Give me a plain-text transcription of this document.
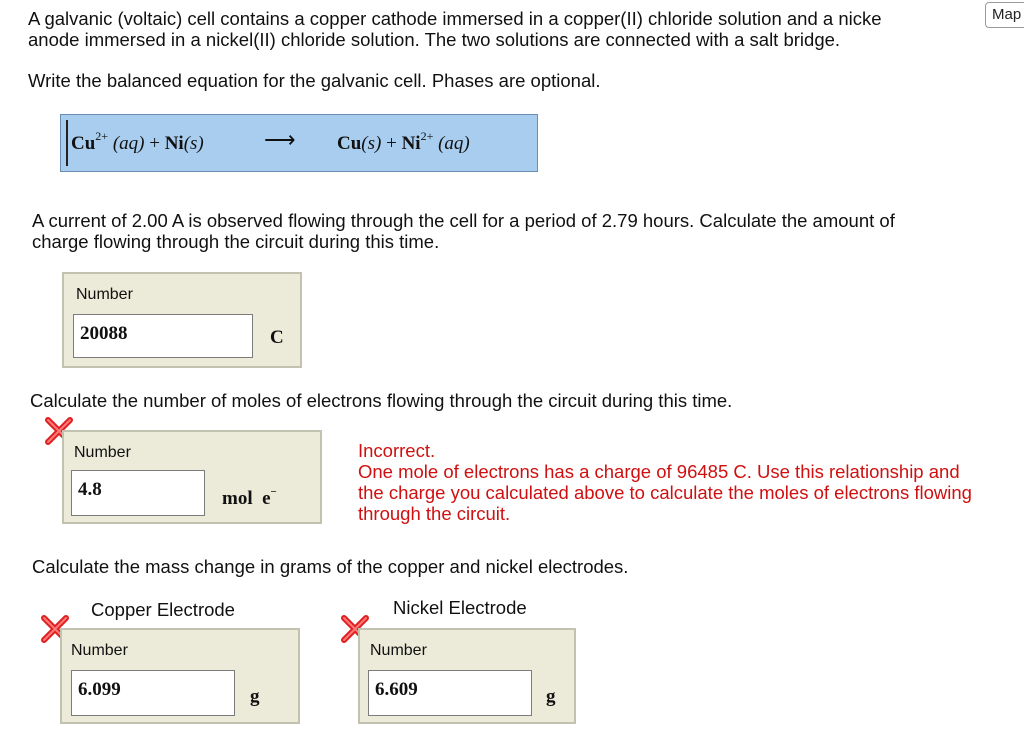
Map
A galvanic (voltaic) cell contains a copper cathode immersed in a copper(II) chloride solution and a nicke
anode immersed in a nickel(II) chloride solution. The two solutions are connected with a salt bridge.
Write the balanced equation for the galvanic cell. Phases are optional.
$Cu^{2+}$ (aq) + Ni(s)	⟶ $Cu(s) + Ni^{2+}$ (aq)
A current of 2.00 A is observed flowing through the cell for a period of 2.79 hours. Calculate the amount of
charge flowing through the circuit during this time.
Number
20088	C
Calculate the number of moles of electrons flowing through the circuit during this time.
Number
4.8	mol  e−
Incorrect.
One mole of electrons has a charge of 96485 C. Use this relationship and the charge you calculated above to calculate the moles of electrons flowing through the circuit.
Calculate the mass change in grams of the copper and nickel electrodes.
Copper Electrode	Nickel Electrode
Number
6.099	g
Number
6.609	g
